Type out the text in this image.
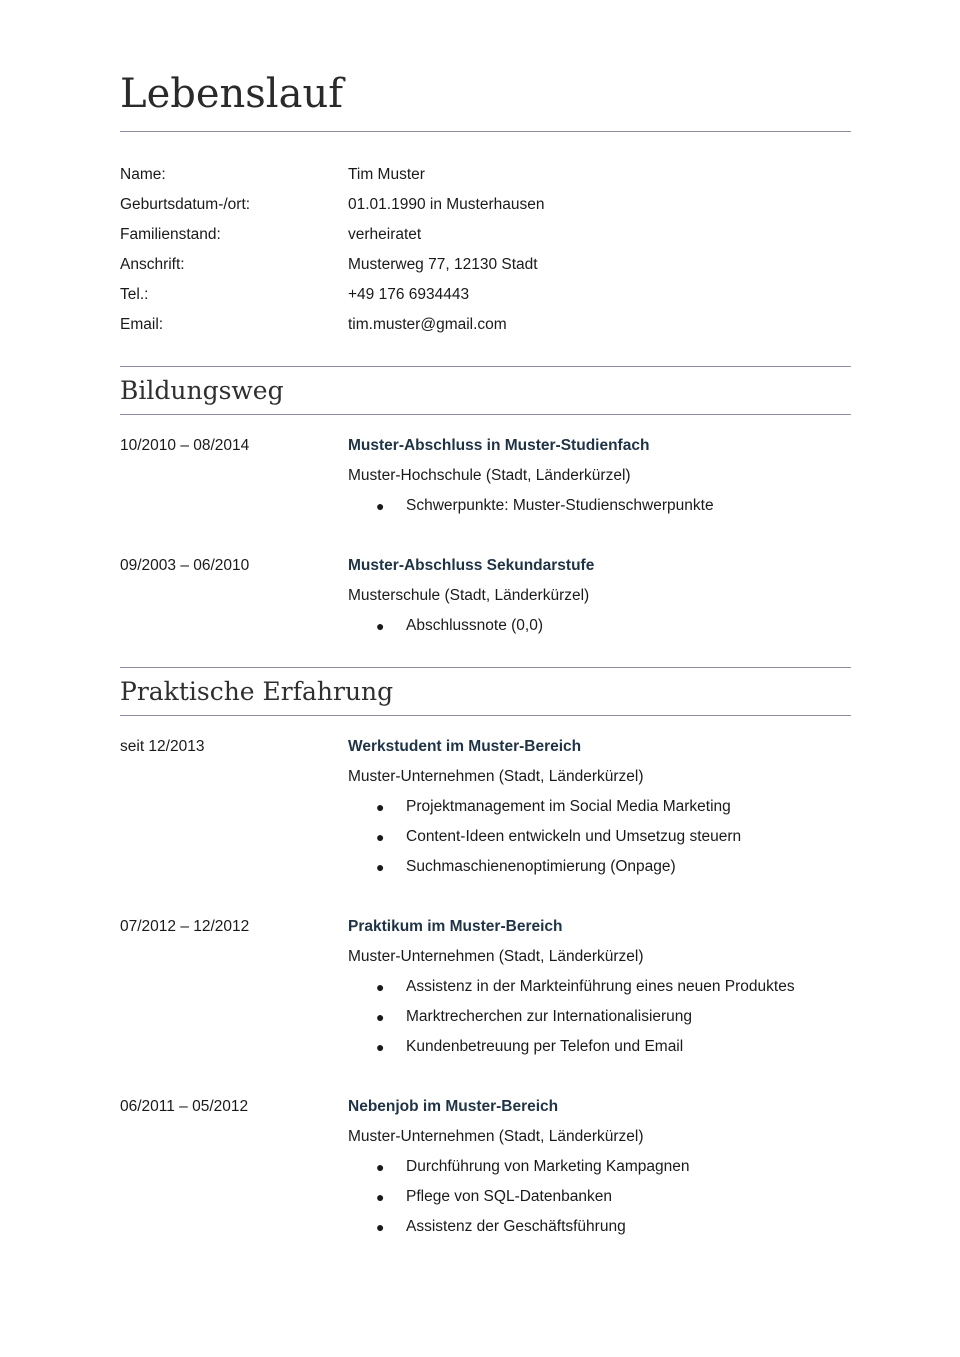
Lebenslauf
Name:	Tim Muster
Geburtsdatum-/ort:	01.01.1990 in Musterhausen
Familienstand:	verheiratet
Anschrift:	Musterweg 77, 12130 Stadt
Tel.:	+49 176 6934443
Email:	tim.muster@gmail.com
Bildungsweg
10/2010 – 08/2014	Muster-Abschluss in Muster-Studienfach
Muster-Hochschule (Stadt, Länderkürzel)
● Schwerpunkte: Muster-Studienschwerpunkte
09/2003 – 06/2010	Muster-Abschluss Sekundarstufe
Musterschule (Stadt, Länderkürzel)
● Abschlussnote (0,0)
Praktische Erfahrung
seit 12/2013	Werkstudent im Muster-Bereich
Muster-Unternehmen (Stadt, Länderkürzel)
● Projektmanagement im Social Media Marketing
● Content-Ideen entwickeln und Umsetzug steuern
● Suchmaschienenoptimierung (Onpage)
07/2012 – 12/2012	Praktikum im Muster-Bereich
Muster-Unternehmen (Stadt, Länderkürzel)
● Assistenz in der Markteinführung eines neuen Produktes
● Marktrecherchen zur Internationalisierung
● Kundenbetreuung per Telefon und Email
06/2011 – 05/2012	Nebenjob im Muster-Bereich
Muster-Unternehmen (Stadt, Länderkürzel)
● Durchführung von Marketing Kampagnen
● Pflege von SQL-Datenbanken
● Assistenz der Geschäftsführung
